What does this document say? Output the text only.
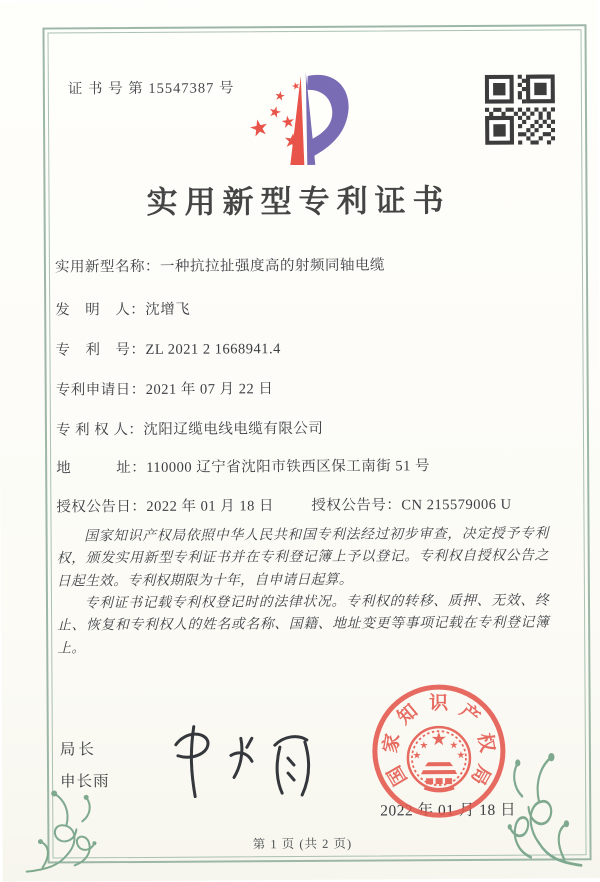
证 书 号 第 15547387 号
实用新型专利证书
实用新型名称：一种抗拉扯强度高的射频同轴电缆
发　明　人：沈增飞
专　利　号：ZL 2021 2 1668941.4
专利申请日：2021 年 07 月 22 日
专 利 权 人：沈阳辽缆电线电缆有限公司
地　　　址：110000 辽宁省沈阳市铁西区保工南街 51 号
授权公告日：2022 年 01 月 18 日	授权公告号：CN 215579006 U

国家知识产权局依照中华人民共和国专利法经过初步审查，决定授予专利权，颁发实用新型专利证书并在专利登记簿上予以登记。专利权自授权公告之日起生效。专利权期限为十年，自申请日起算。

专利证书记载专利权登记时的法律状况。专利权的转移、质押、无效、终止、恢复和专利权人的姓名或名称、国籍、地址变更等事项记载在专利登记簿上。

局长
申长雨
2022 年 01 月 18 日
国
家
知 识 产
权
局
第 1 页 (共 2 页)
